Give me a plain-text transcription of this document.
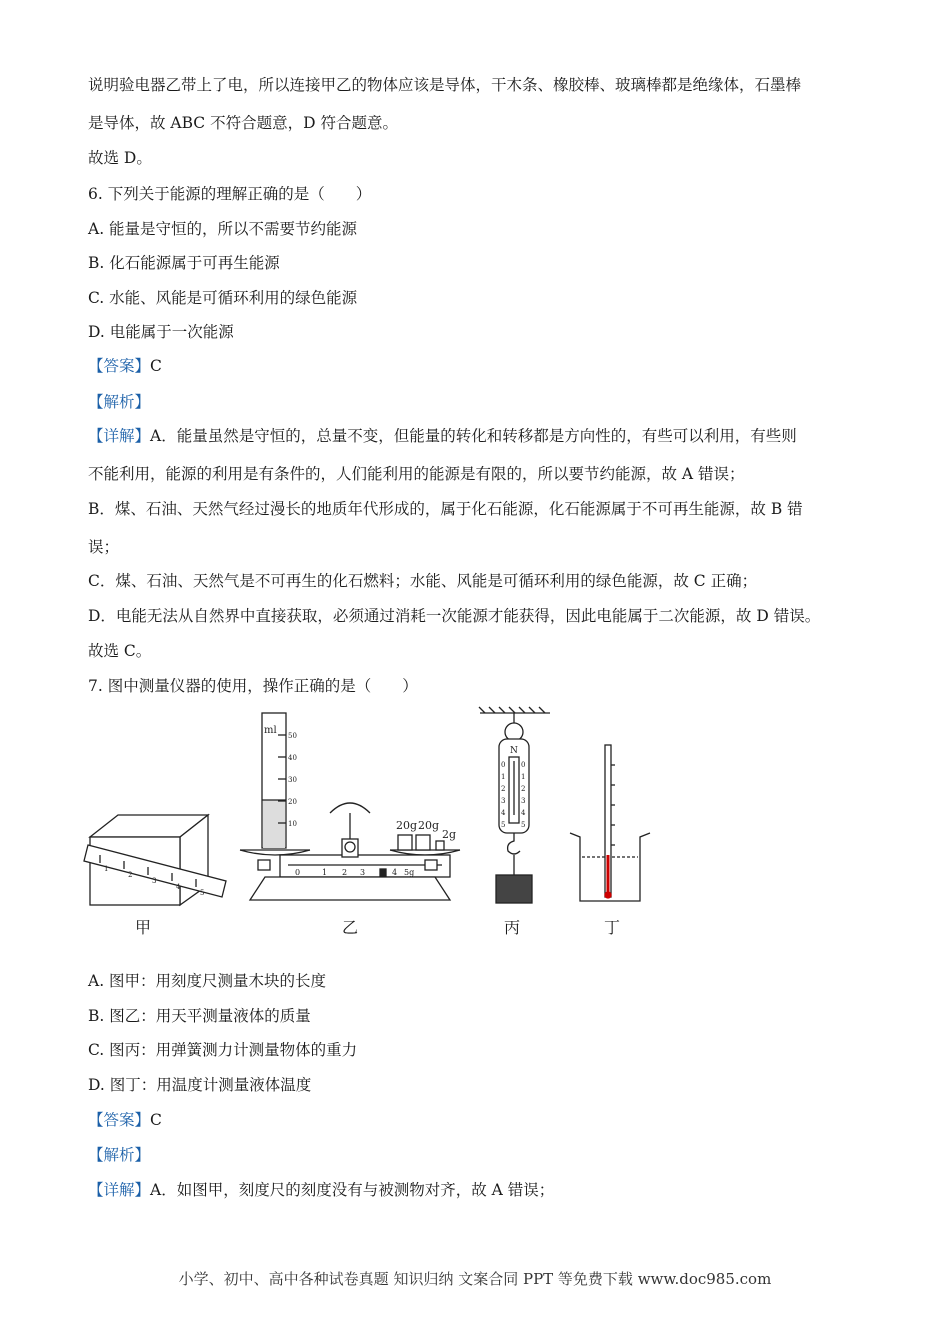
说明验电器乙带上了电，所以连接甲乙的物体应该是导体，干木条、橡胶棒、玻璃棒都是绝缘体，石墨棒
是导体，故 ABC 不符合题意，D 符合题意。
故选 D。
6. 下列关于能源的理解正确的是（　　）
A. 能量是守恒的，所以不需要节约能源
B. 化石能源属于可再生能源
C. 水能、风能是可循环利用的绿色能源
D. 电能属于一次能源
【答案】C
【解析】
【详解】A．能量虽然是守恒的，总量不变，但能量的转化和转移都是方向性的，有些可以利用，有些则
不能利用，能源的利用是有条件的，人们能利用的能源是有限的，所以要节约能源，故 A 错误；
B．煤、石油、天然气经过漫长的地质年代形成的，属于化石能源，化石能源属于不可再生能源，故 B 错
误；
C．煤、石油、天然气是不可再生的化石燃料；水能、风能是可循环利用的绿色能源，故 C 正确；
D．电能无法从自然界中直接获取，必须通过消耗一次能源才能获得，因此电能属于二次能源，故 D 错误。
故选 C。
7. 图中测量仪器的使用，操作正确的是（　　）
ml 50
40
30
20
10	20g 20g
2g
0	1 2 3	4 5g
1
2
3
4
5
N
0
1
2
3
4
5
0
1
2
3
4
5
甲	乙	丙	丁
A. 图甲：用刻度尺测量木块的长度
B. 图乙：用天平测量液体的质量
C. 图丙：用弹簧测力计测量物体的重力
D. 图丁：用温度计测量液体温度
【答案】C
【解析】
【详解】A．如图甲，刻度尺的刻度没有与被测物对齐，故 A 错误；
小学、初中、高中各种试卷真题 知识归纳 文案合同 PPT 等免费下载 www.doc985.com
